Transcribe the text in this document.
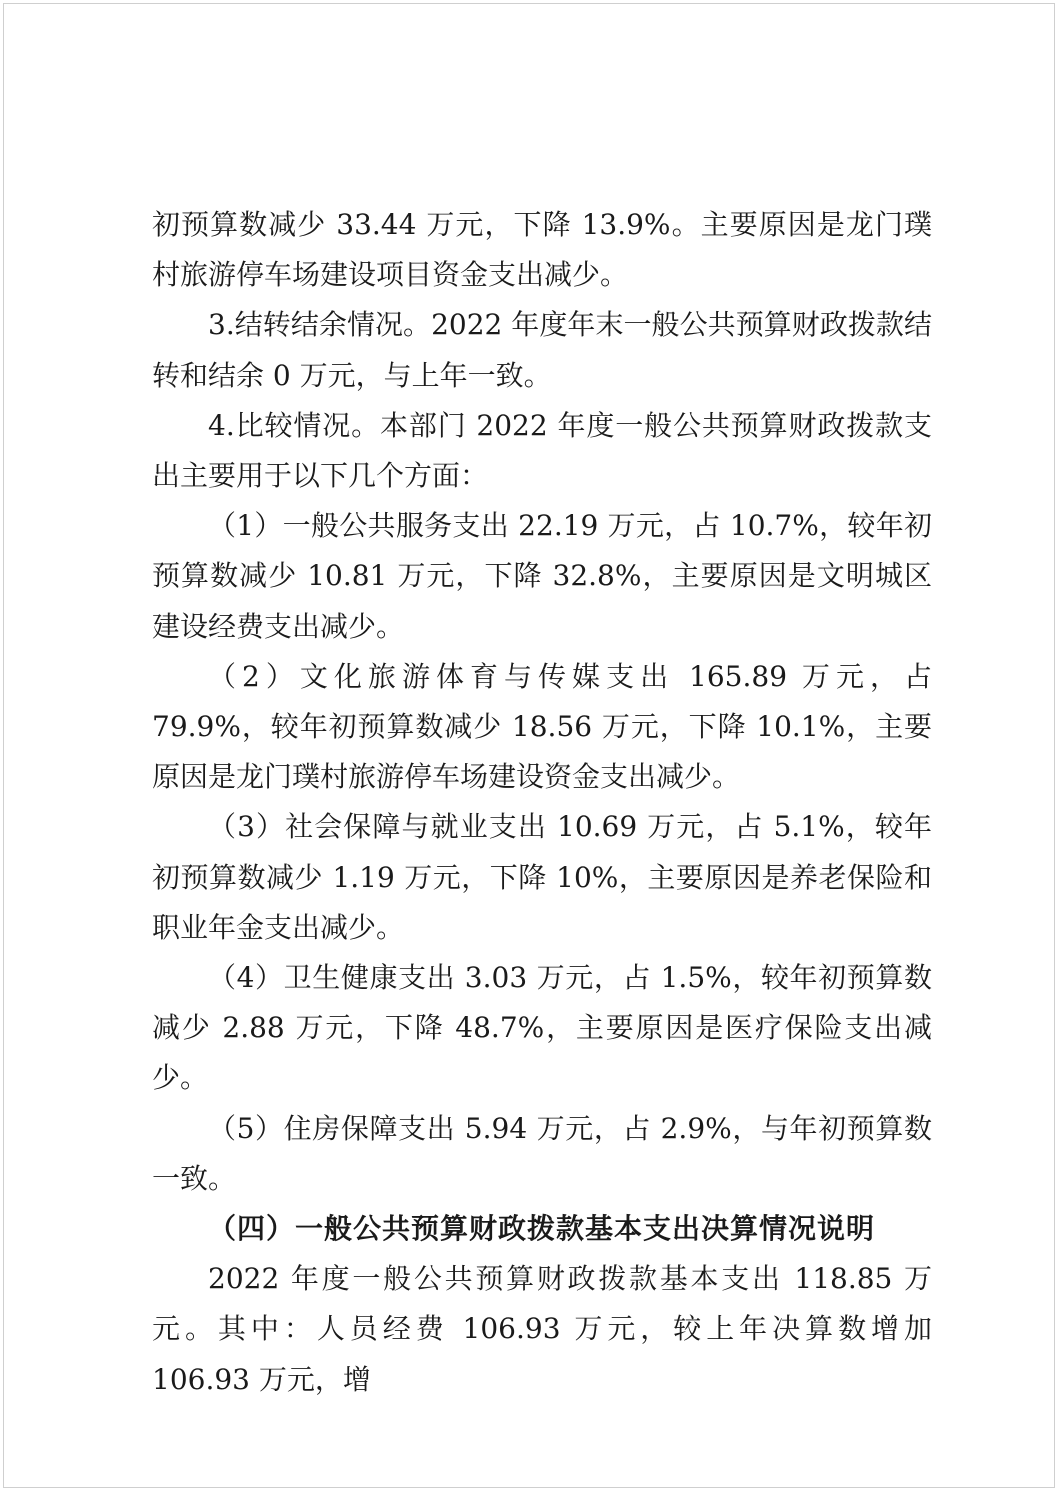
初预算数减少 33.44 万元，下降 13.9%。主要原因是龙门璞村旅游停车场建设项目资金支出减少。

3.结转结余情况。2022 年度年末一般公共预算财政拨款结转和结余 0 万元，与上年一致。

4.比较情况。本部门 2022 年度一般公共预算财政拨款支出主要用于以下几个方面：

（1）一般公共服务支出 22.19 万元，占 10.7%，较年初预算数减少 10.81 万元，下降 32.8%，主要原因是文明城区建设经费支出减少。

（2）文化旅游体育与传媒支出 165.89 万元，占 79.9%，较年初预算数减少 18.56 万元，下降 10.1%，主要原因是龙门璞村旅游停车场建设资金支出减少。

（3）社会保障与就业支出 10.69 万元，占 5.1%，较年初预算数减少 1.19 万元，下降 10%，主要原因是养老保险和职业年金支出减少。

（4）卫生健康支出 3.03 万元，占 1.5%，较年初预算数减少 2.88 万元，下降 48.7%，主要原因是医疗保险支出减少。

（5）住房保障支出 5.94 万元，占 2.9%，与年初预算数一致。

（四）一般公共预算财政拨款基本支出决算情况说明

2022 年度一般公共预算财政拨款基本支出 118.85 万元。其中：人员经费 106.93 万元，较上年决算数增加 106.93 万元，增
